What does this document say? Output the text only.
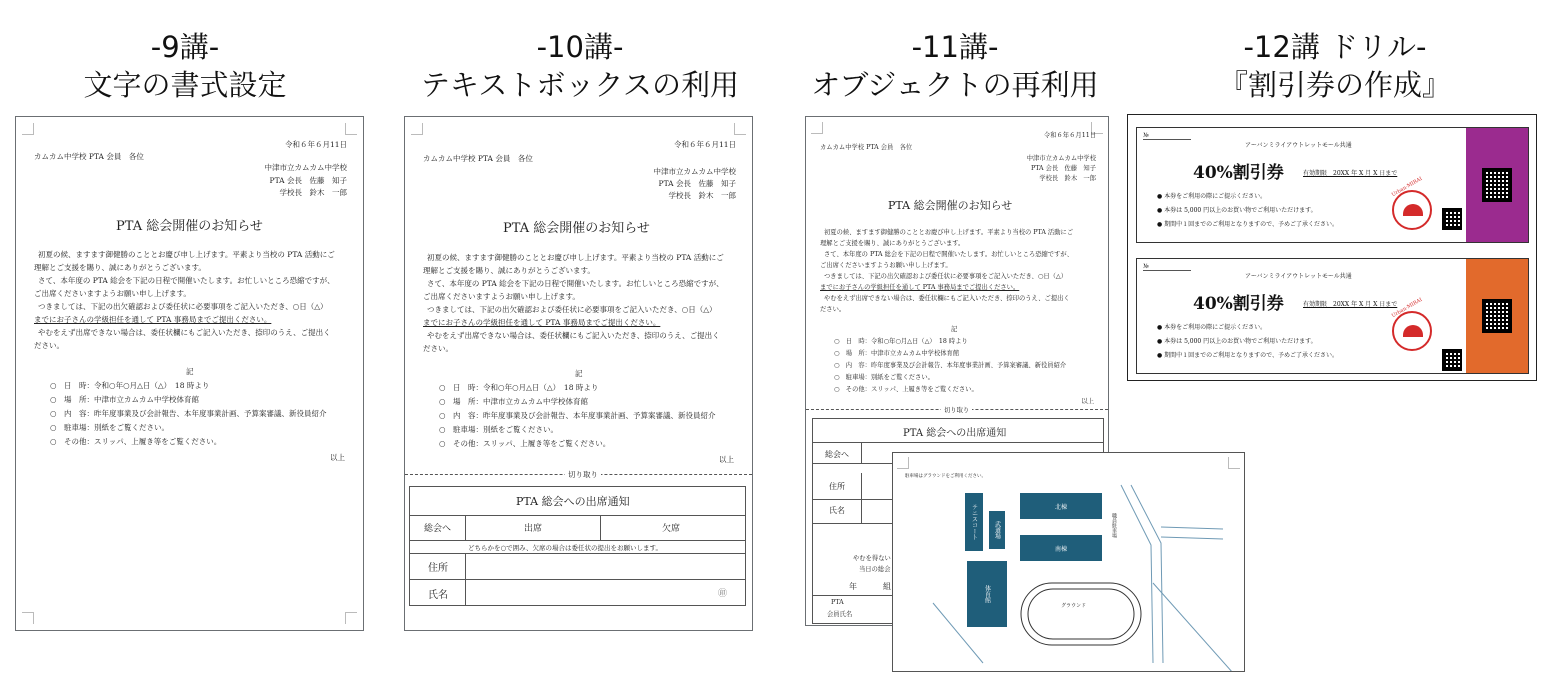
-9講-
文字の書式設定
-10講-
テキストボックスの利用
-11講-
オブジェクトの再利用
-12講 ドリル-
『割引券の作成』
令和６年６月11日
カムカム中学校 PTA 会員　各位
中津市立カムカム中学校
PTA 会長　佐藤　知子
学校長　鈴木　一郎
PTA 総会開催のお知らせ
初夏の候、ますます御健勝のこととお慶び申し上げます。平素より当校の PTA 活動にご
理解とご支援を賜り、誠にありがとうございます。
さて、本年度の PTA 総会を下記の日程で開催いたします。お忙しいところ恐縮ですが、
ご出席くださいますようお願い申し上げます。
つきましては、下記の出欠確認および委任状に必要事項をご記入いただき、○日（△）
までにお子さんの学級担任を通して PTA 事務局までご提出ください。
やむをえず出席できない場合は、委任状欄にもご記入いただき、捺印のうえ、ご提出く
ださい。
記
○　日　時：令和○年○月△日（△）　18 時より
○　場　所：中津市立カムカム中学校体育館
○　内　容：昨年度事業及び会計報告、本年度事業計画、予算案審議、新役員紹介
○　駐車場：別紙をご覧ください。
○　その他：スリッパ、上履き等をご覧ください。
以上
令和６年６月11日
カムカム中学校 PTA 会員　各位
中津市立カムカム中学校
PTA 会長　佐藤　知子
学校長　鈴木　一郎
PTA 総会開催のお知らせ
初夏の候、ますます御健勝のこととお慶び申し上げます。平素より当校の PTA 活動にご
理解とご支援を賜り、誠にありがとうございます。
さて、本年度の PTA 総会を下記の日程で開催いたします。お忙しいところ恐縮ですが、
ご出席くださいますようお願い申し上げます。
つきましては、下記の出欠確認および委任状に必要事項をご記入いただき、○日（△）
までにお子さんの学級担任を通して PTA 事務局までご提出ください。
やむをえず出席できない場合は、委任状欄にもご記入いただき、捺印のうえ、ご提出く
ださい。
記
○　日　時：令和○年○月△日（△）　18 時より
○　場　所：中津市立カムカム中学校体育館
○　内　容：昨年度事業及び会計報告、本年度事業計画、予算案審議、新役員紹介
○　駐車場：別紙をご覧ください。
○　その他：スリッパ、上履き等をご覧ください。
以上
切り取り
PTA 総会への出席通知
総会へ	出席	欠席
どちらかを○で囲み、欠席の場合は委任状の提出をお願いします。
住所
氏名	㊞
令和６年６月11日
カムカム中学校 PTA 会員　各位
中津市立カムカム中学校
PTA 会長　佐藤　知子
学校長　鈴木　一郎
PTA 総会開催のお知らせ
初夏の候、ますます御健勝のこととお慶び申し上げます。平素より当校の PTA 活動にご
理解とご支援を賜り、誠にありがとうございます。
さて、本年度の PTA 総会を下記の日程で開催いたします。お忙しいところ恐縮ですが、
ご出席くださいますようお願い申し上げます。
つきましては、下記の出欠確認および委任状に必要事項をご記入いただき、○日（△）
までにお子さんの学級担任を通して PTA 事務局までご提出ください。
やむをえず出席できない場合は、委任状欄にもご記入いただき、捺印のうえ、ご提出く
ださい。
記
○　日　時：令和○年○月△日（△）　18 時より
○　場　所：中津市立カムカム中学校体育館
○　内　容：昨年度事業及び会計報告、本年度事業計画、予算案審議、新役員紹介
○　駐車場：別紙をご覧ください。
○　その他：スリッパ、上履き等をご覧ください。
以上
切り取り
PTA 総会への出席通知
総会へ
住所
氏名
やむを得ない
当日の総会
年	組
PTA
会員氏名
駐車場はグラウンドをご利用ください。
北棟
南棟
テニスコート	武道場
体育館
グラウンド
職員駐車場
№
アーバンミライアウトレットモール共通
40%割引券	有効期限　20XX 年 X 月 X 日まで
● 本券をご利用の際にご提示ください。
● 本券は 5,000 円以上のお買い物でご利用いただけます。
● 期間中１回までのご利用となりますので、予めご了承ください。
Urban-MIRAI
№
アーバンミライアウトレットモール共通
40%割引券	有効期限　20XX 年 X 月 X 日まで
● 本券をご利用の際にご提示ください。
● 本券は 5,000 円以上のお買い物でご利用いただけます。
● 期間中１回までのご利用となりますので、予めご了承ください。
Urban-MIRAI
